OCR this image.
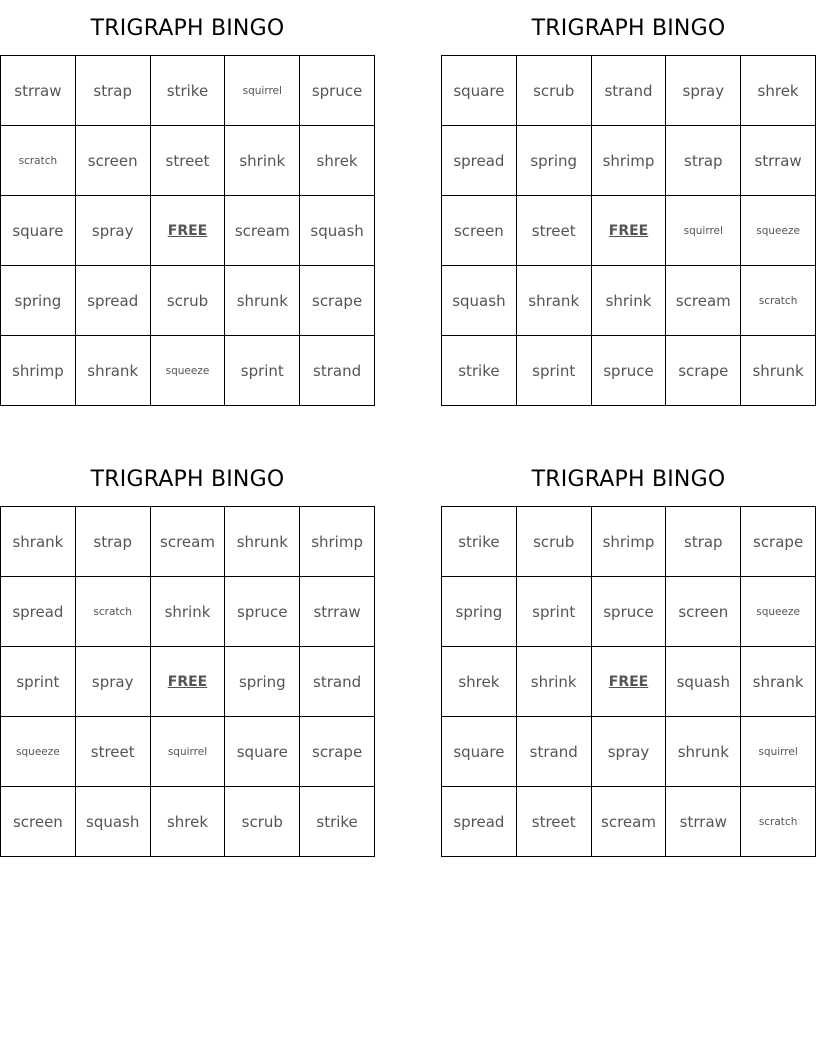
TRIGRAPH BINGO
strraw	strap	strike	squirrel	spruce
scratch	screen	street	shrink	shrek
square	spray	FREE	scream	squash
spring	spread	scrub	shrunk	scrape
shrimp	shrank	squeeze	sprint	strand
TRIGRAPH BINGO
square	scrub	strand	spray	shrek
spread	spring	shrimp	strap	strraw
screen	street	FREE	squirrel	squeeze
squash	shrank	shrink	scream	scratch
strike	sprint	spruce	scrape	shrunk
TRIGRAPH BINGO
shrank	strap	scream	shrunk	shrimp
spread	scratch	shrink	spruce	strraw
sprint	spray	FREE	spring	strand
squeeze	street	squirrel	square	scrape
screen	squash	shrek	scrub	strike
TRIGRAPH BINGO
strike	scrub	shrimp	strap	scrape
spring	sprint	spruce	screen	squeeze
shrek	shrink	FREE	squash	shrank
square	strand	spray	shrunk	squirrel
spread	street	scream	strraw	scratch
